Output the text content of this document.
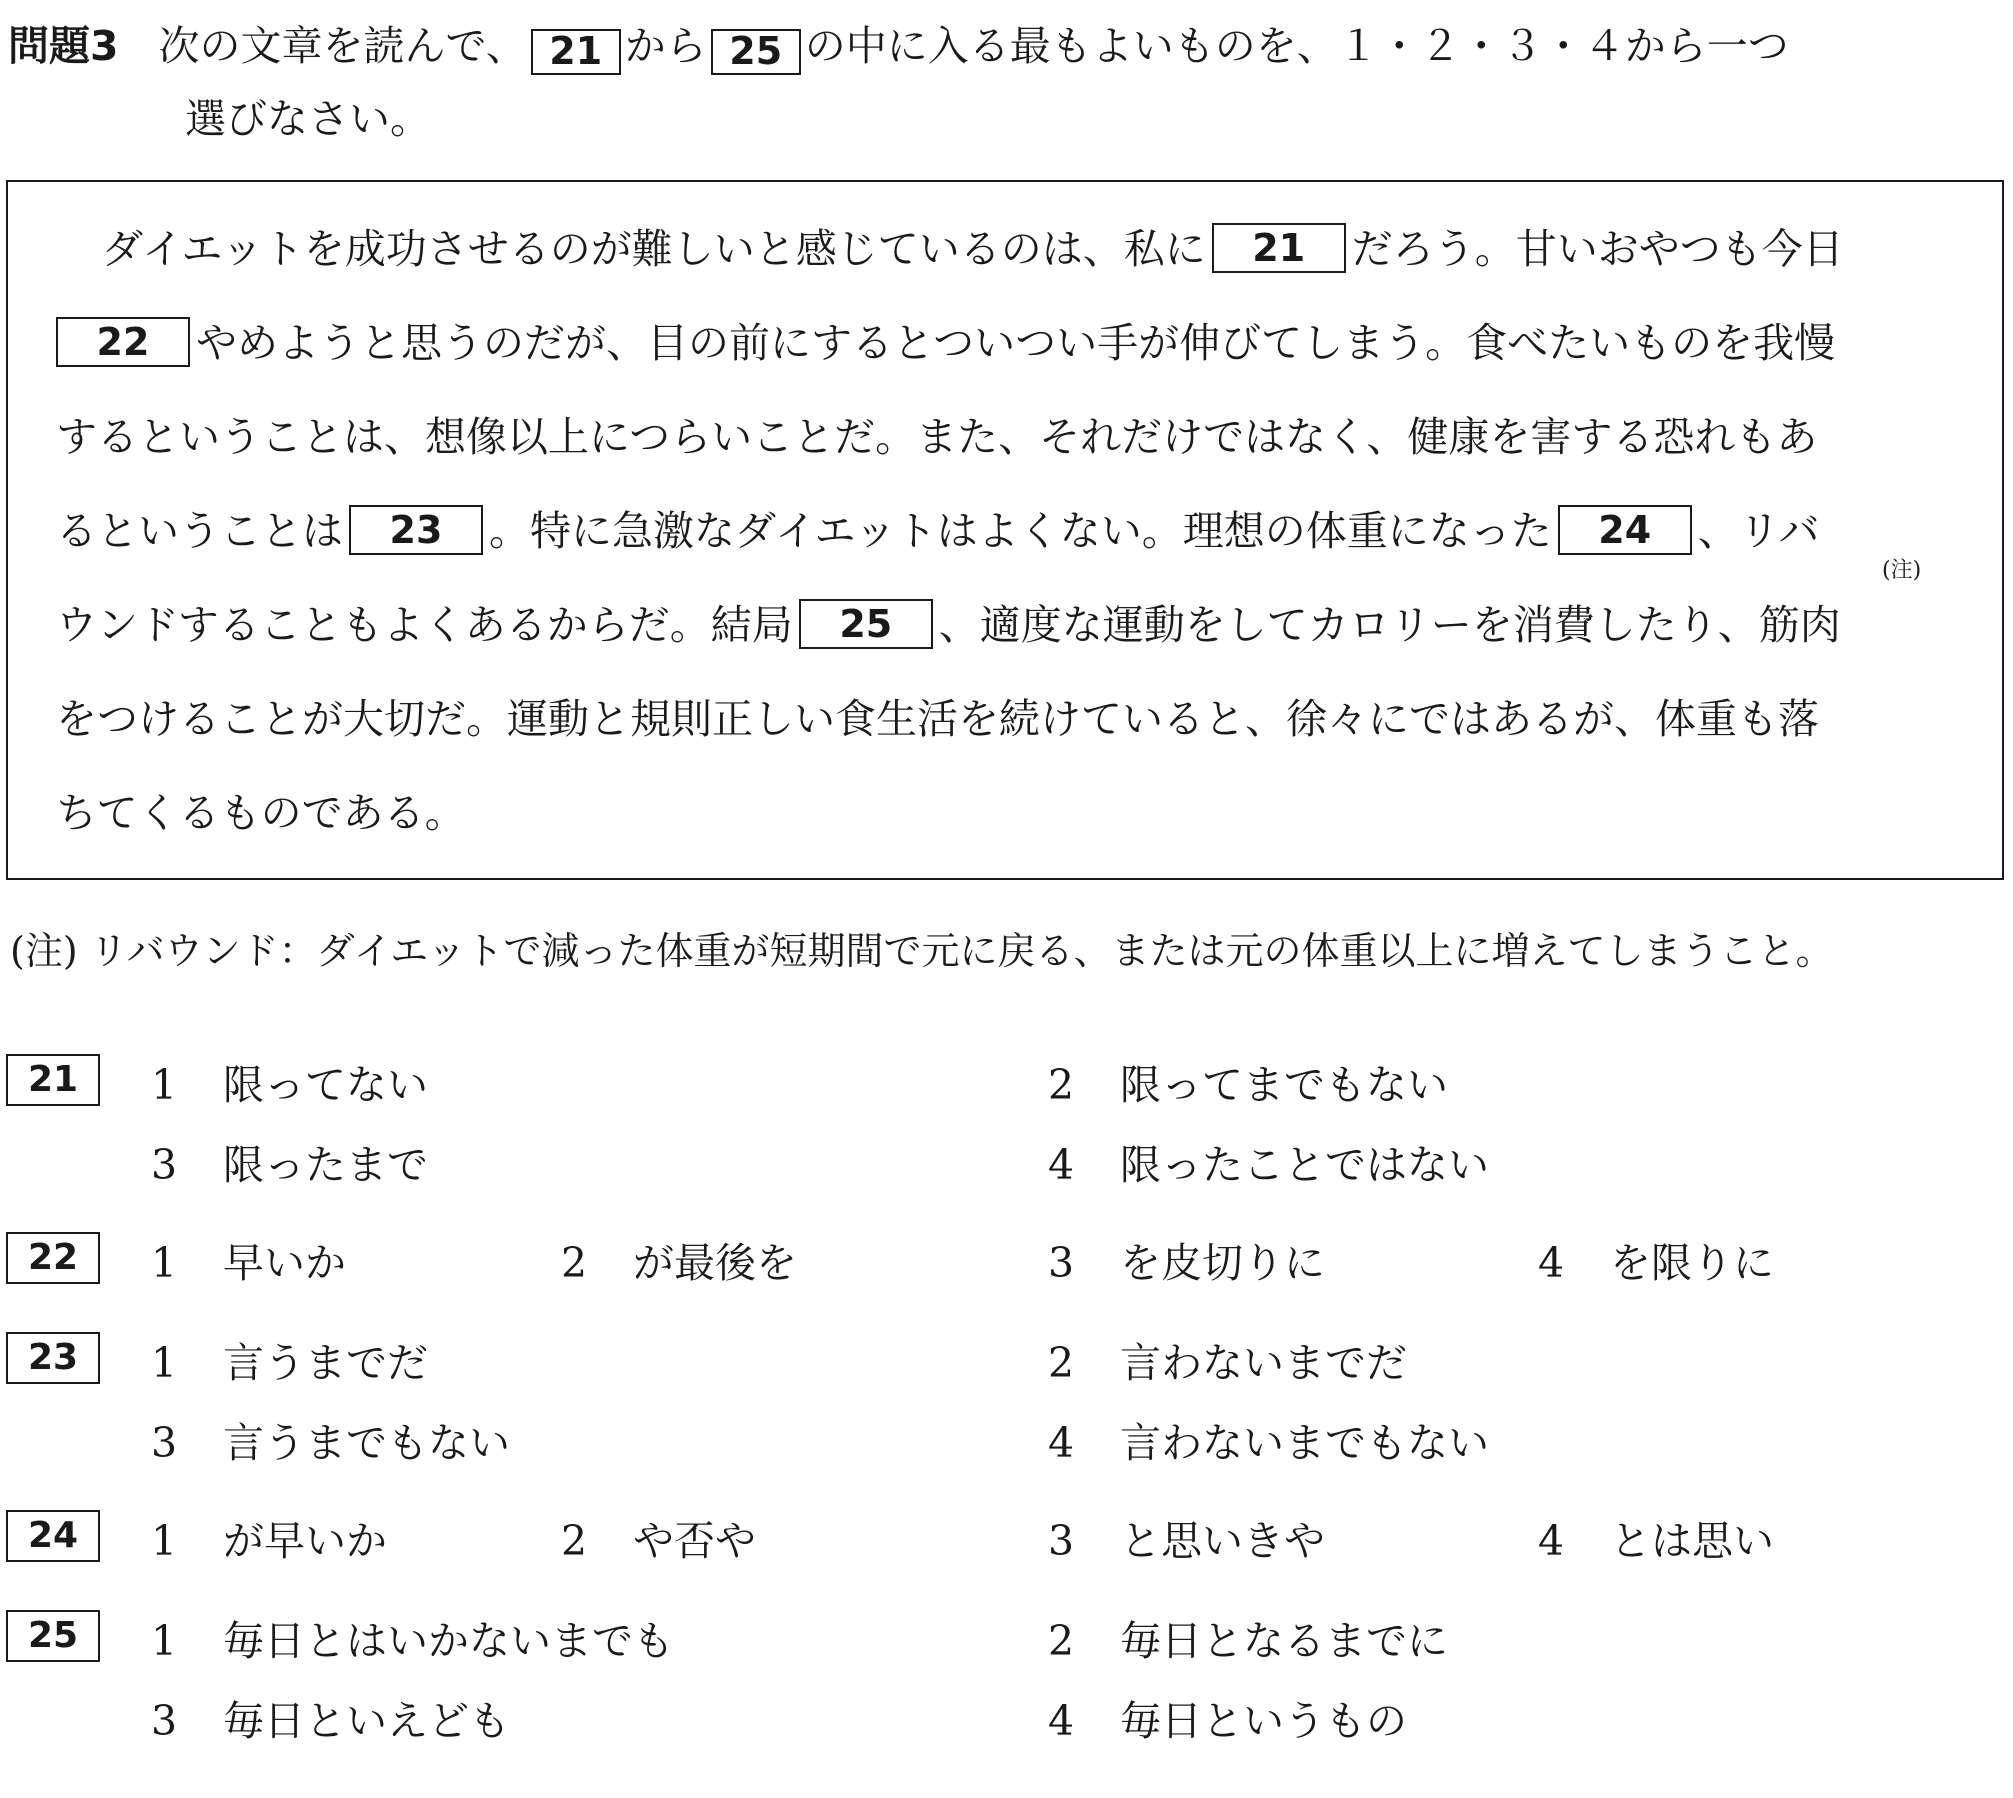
問題3 次の文章を読んで、 21 から 25 の中に入る最もよいものを、１・２・３・４から一つ
選びなさい。
ダイエットを成功させるのが難しいと感じているのは、私に 21 だろう。甘いおやつも今日
22 やめようと思うのだが、目の前にするとついつい手が伸びてしまう。食べたいものを我慢
するということは、想像以上につらいことだ。また、それだけではなく、健康を害する恐れもあ
るということは 23 。特に急激なダイエットはよくない。理想の体重になった 24 、リバ
(注)
ウンドすることもよくあるからだ。結局 25 、適度な運動をしてカロリーを消費したり、筋肉
をつけることが大切だ。運動と規則正しい食生活を続けていると、徐々にではあるが、体重も落
ちてくるものである。
(注) リバウンド：ダイエットで減った体重が短期間で元に戻る、または元の体重以上に増えてしまうこと。
21	1 限ってない	2 限ってまでもない
3 限ったまで	4 限ったことではない
22	1 早いか	2 が最後を	3 を皮切りに	4 を限りに
23	1 言うまでだ	2 言わないまでだ
3 言うまでもない	4 言わないまでもない
24	1 が早いか	2 や否や	3 と思いきや	4 とは思い
25	1 毎日とはいかないまでも	2 毎日となるまでに
3 毎日といえども	4 毎日というもの
